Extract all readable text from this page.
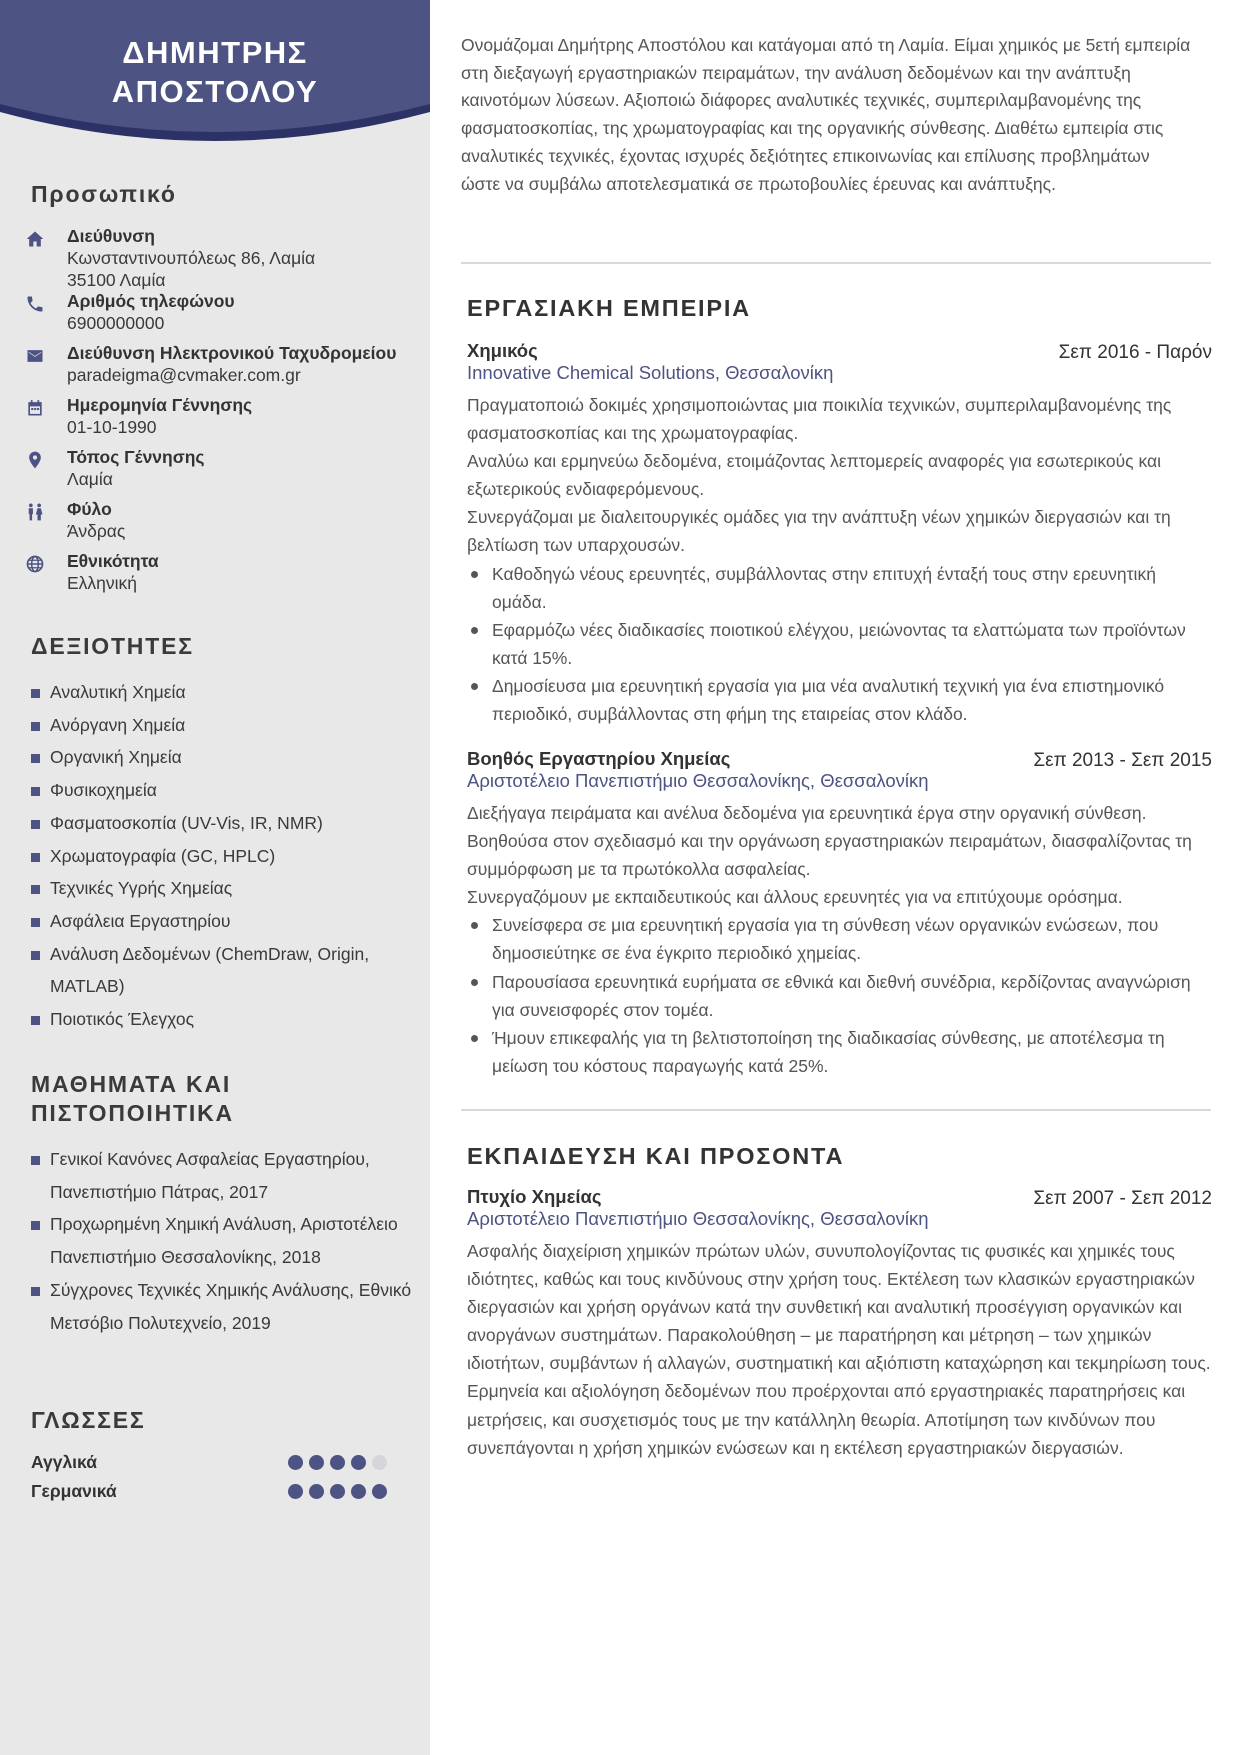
ΔΗΜΗΤΡΗΣ
ΑΠΟΣΤΟΛΟΥ
Προσωπικό
Διεύθυνση
Κωνσταντινουπόλεως 86, Λαμία
35100 Λαμία
Αριθμός τηλεφώνου
6900000000
Διεύθυνση Ηλεκτρονικού Ταχυδρομείου
paradeigma@cvmaker.com.gr
Ημερομηνία Γέννησης
01-10-1990
Τόπος Γέννησης
Λαμία
Φύλο
Άνδρας
Εθνικότητα
Ελληνική
ΔΕΞΙΟΤΗΤΕΣ
Αναλυτική Χημεία
Ανόργανη Χημεία
Οργανική Χημεία
Φυσικοχημεία
Φασματοσκοπία (UV-Vis, IR, NMR)
Χρωματογραφία (GC, HPLC)
Τεχνικές Υγρής Χημείας
Ασφάλεια Εργαστηρίου
Ανάλυση Δεδομένων (ChemDraw, Origin, MATLAB)
Ποιοτικός Έλεγχος
ΜΑΘΗΜΑΤΑ ΚΑΙ
ΠΙΣΤΟΠΟΙΗΤΙΚΑ
Γενικοί Κανόνες Ασφαλείας Εργαστηρίου, Πανεπιστήμιο Πάτρας, 2017
Προχωρημένη Χημική Ανάλυση, Αριστοτέλειο Πανεπιστήμιο Θεσσαλονίκης, 2018
Σύγχρονες Τεχνικές Χημικής Ανάλυσης, Εθνικό Μετσόβιο Πολυτεχνείο, 2019
ΓΛΩΣΣΕΣ
Αγγλικά
Γερμανικά
Ονομάζομαι Δημήτρης Αποστόλου και κατάγομαι από τη Λαμία. Είμαι χημικός με 5ετή εμπειρία στη διεξαγωγή εργαστηριακών πειραμάτων, την ανάλυση δεδομένων και την ανάπτυξη καινοτόμων λύσεων. Αξιοποιώ διάφορες αναλυτικές τεχνικές, συμπεριλαμβανομένης της φασματοσκοπίας, της χρωματογραφίας και της οργανικής σύνθεσης. Διαθέτω εμπειρία στις αναλυτικές τεχνικές, έχοντας ισχυρές δεξιότητες επικοινωνίας και επίλυσης προβλημάτων ώστε να συμβάλω αποτελεσματικά σε πρωτοβουλίες έρευνας και ανάπτυξης.
ΕΡΓΑΣΙΑΚΗ ΕΜΠΕΙΡΙΑ
Χημικός
Innovative Chemical Solutions, Θεσσαλονίκη
Σεπ 2016 - Παρόν

Πραγματοποιώ δοκιμές χρησιμοποιώντας μια ποικιλία τεχνικών, συμπεριλαμβανομένης της φασματοσκοπίας και της χρωματογραφίας.

Αναλύω και ερμηνεύω δεδομένα, ετοιμάζοντας λεπτομερείς αναφορές για εσωτερικούς και εξωτερικούς ενδιαφερόμενους.

Συνεργάζομαι με διαλειτουργικές ομάδες για την ανάπτυξη νέων χημικών διεργασιών και τη βελτίωση των υπαρχουσών.

Καθοδηγώ νέους ερευνητές, συμβάλλοντας στην επιτυχή ένταξή τους στην ερευνητική ομάδα.
Εφαρμόζω νέες διαδικασίες ποιοτικού ελέγχου, μειώνοντας τα ελαττώματα των προϊόντων κατά 15%.
Δημοσίευσα μια ερευνητική εργασία για μια νέα αναλυτική τεχνική για ένα επιστημονικό περιοδικό, συμβάλλοντας στη φήμη της εταιρείας στον κλάδο.
Βοηθός Εργαστηρίου Χημείας
Αριστοτέλειο Πανεπιστήμιο Θεσσαλονίκης, Θεσσαλονίκη
Σεπ 2013 - Σεπ 2015

Διεξήγαγα πειράματα και ανέλυα δεδομένα για ερευνητικά έργα στην οργανική σύνθεση.

Βοηθούσα στον σχεδιασμό και την οργάνωση εργαστηριακών πειραμάτων, διασφαλίζοντας τη συμμόρφωση με τα πρωτόκολλα ασφαλείας.

Συνεργαζόμουν με εκπαιδευτικούς και άλλους ερευνητές για να επιτύχουμε ορόσημα.

Συνείσφερα σε μια ερευνητική εργασία για τη σύνθεση νέων οργανικών ενώσεων, που δημοσιεύτηκε σε ένα έγκριτο περιοδικό χημείας.
Παρουσίασα ερευνητικά ευρήματα σε εθνικά και διεθνή συνέδρια, κερδίζοντας αναγνώριση για συνεισφορές στον τομέα.
Ήμουν επικεφαλής για τη βελτιστοποίηση της διαδικασίας σύνθεσης, με αποτέλεσμα τη μείωση του κόστους παραγωγής κατά 25%.
ΕΚΠΑΙΔΕΥΣΗ ΚΑΙ ΠΡΟΣΟΝΤΑ
Πτυχίο Χημείας
Αριστοτέλειο Πανεπιστήμιο Θεσσαλονίκης, Θεσσαλονίκη
Σεπ 2007 - Σεπ 2012

Ασφαλής διαχείριση χημικών πρώτων υλών, συνυπολογίζοντας τις φυσικές και χημικές τους ιδιότητες, καθώς και τους κινδύνους στην χρήση τους. Εκτέλεση των κλασικών εργαστηριακών διεργασιών και χρήση οργάνων κατά την συνθετική και αναλυτική προσέγγιση οργανικών και ανοργάνων συστημάτων. Παρακολούθηση – με παρατήρηση και μέτρηση – των χημικών ιδιοτήτων, συμβάντων ή αλλαγών, συστηματική και αξιόπιστη καταχώρηση και τεκμηρίωση τους. Ερμηνεία και αξιολόγηση δεδομένων που προέρχονται από εργαστηριακές παρατηρήσεις και μετρήσεις, και συσχετισμός τους με την κατάλληλη θεωρία. Αποτίμηση των κινδύνων που συνεπάγονται η χρήση χημικών ενώσεων και η εκτέλεση εργαστηριακών διεργασιών.
